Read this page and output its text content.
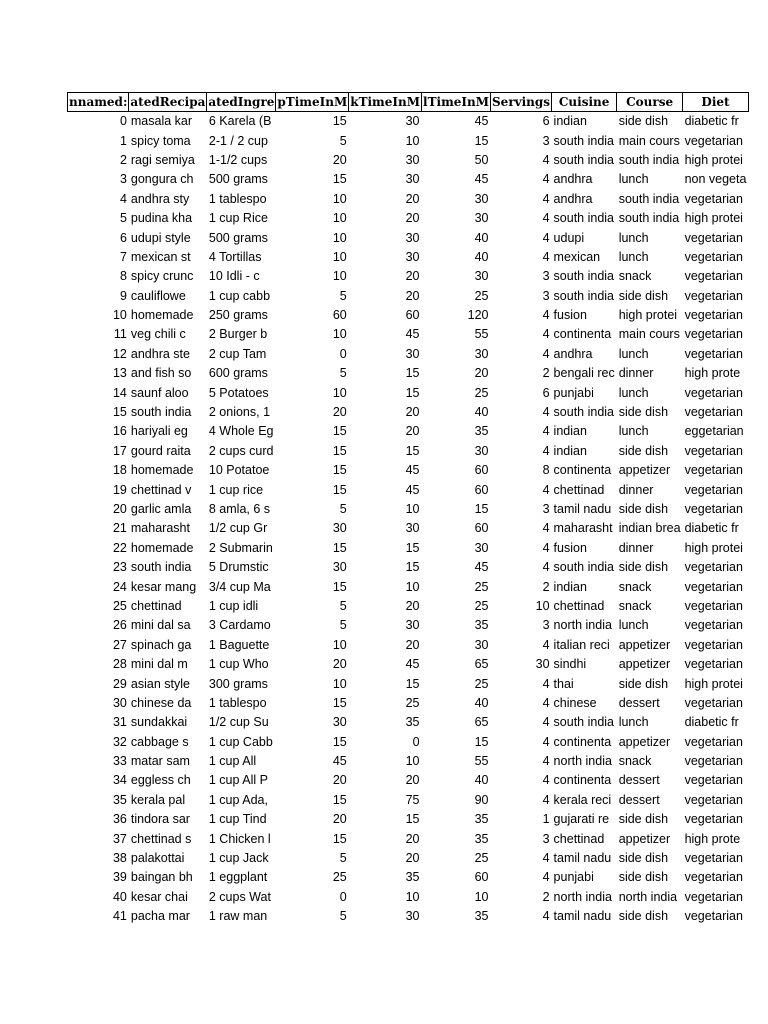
nnamed:	atedRecipa	atedIngre	pTimeInM	kTimeInM	lTimeInM	Servings	Cuisine	Course	Diet
0	masala kar	6 Karela (B	15	30	45	6	indian	side dish	diabetic fr
1	spicy toma	2-1 / 2 cup	5	10	15	3	south india	main cours	vegetarian
2	ragi semiya	1-1/2 cups	20	30	50	4	south india	south india	high protei
3	gongura ch	500 grams	15	30	45	4	andhra	lunch	non vegeta
4	andhra sty	1 tablespo	10	20	30	4	andhra	south india	vegetarian
5	pudina kha	1 cup Rice	10	20	30	4	south india	south india	high protei
6	udupi style	500 grams	10	30	40	4	udupi	lunch	vegetarian
7	mexican st	4 Tortillas	10	30	40	4	mexican	lunch	vegetarian
8	spicy crunc	10 Idli - c	10	20	30	3	south india	snack	vegetarian
9	cauliflowe	1 cup cabb	5	20	25	3	south india	side dish	vegetarian
10	homemade	250 grams	60	60	120	4	fusion	high protei	vegetarian
11	veg chili c	2 Burger b	10	45	55	4	continenta	main cours	vegetarian
12	andhra ste	2 cup Tam	0	30	30	4	andhra	lunch	vegetarian
13	and fish so	600 grams	5	15	20	2	bengali rec	dinner	high prote
14	saunf aloo	5 Potatoes	10	15	25	6	punjabi	lunch	vegetarian
15	south india	2 onions, 1	20	20	40	4	south india	side dish	vegetarian
16	hariyali eg	4 Whole Eg	15	20	35	4	indian	lunch	eggetarian
17	gourd raita	2 cups curd	15	15	30	4	indian	side dish	vegetarian
18	homemade	10 Potatoe	15	45	60	8	continenta	appetizer	vegetarian
19	chettinad v	1 cup rice	15	45	60	4	chettinad	dinner	vegetarian
20	garlic amla	8 amla, 6 s	5	10	15	3	tamil nadu	side dish	vegetarian
21	maharasht	1/2 cup Gr	30	30	60	4	maharasht	indian brea	diabetic fr
22	homemade	2 Submarin	15	15	30	4	fusion	dinner	high protei
23	south india	5 Drumstic	30	15	45	4	south india	side dish	vegetarian
24	kesar mang	3/4 cup Ma	15	10	25	2	indian	snack	vegetarian
25	chettinad	1 cup idli	5	20	25	10	chettinad	snack	vegetarian
26	mini dal sa	3 Cardamo	5	30	35	3	north india	lunch	vegetarian
27	spinach ga	1 Baguette	10	20	30	4	italian reci	appetizer	vegetarian
28	mini dal m	1 cup Who	20	45	65	30	sindhi	appetizer	vegetarian
29	asian style	300 grams	10	15	25	4	thai	side dish	high protei
30	chinese da	1 tablespo	15	25	40	4	chinese	dessert	vegetarian
31	sundakkai	1/2 cup Su	30	35	65	4	south india	lunch	diabetic fr
32	cabbage s	1 cup Cabb	15	0	15	4	continenta	appetizer	vegetarian
33	matar sam	1 cup All	45	10	55	4	north india	snack	vegetarian
34	eggless ch	1 cup All P	20	20	40	4	continenta	dessert	vegetarian
35	kerala pal	1 cup Ada,	15	75	90	4	kerala reci	dessert	vegetarian
36	tindora sar	1 cup Tind	20	15	35	1	gujarati re	side dish	vegetarian
37	chettinad s	1 Chicken l	15	20	35	3	chettinad	appetizer	high prote
38	palakottai	1 cup Jack	5	20	25	4	tamil nadu	side dish	vegetarian
39	baingan bh	1 eggplant	25	35	60	4	punjabi	side dish	vegetarian
40	kesar chai	2 cups Wat	0	10	10	2	north india	north india	vegetarian
41	pacha mar	1 raw man	5	30	35	4	tamil nadu	side dish	vegetarian
